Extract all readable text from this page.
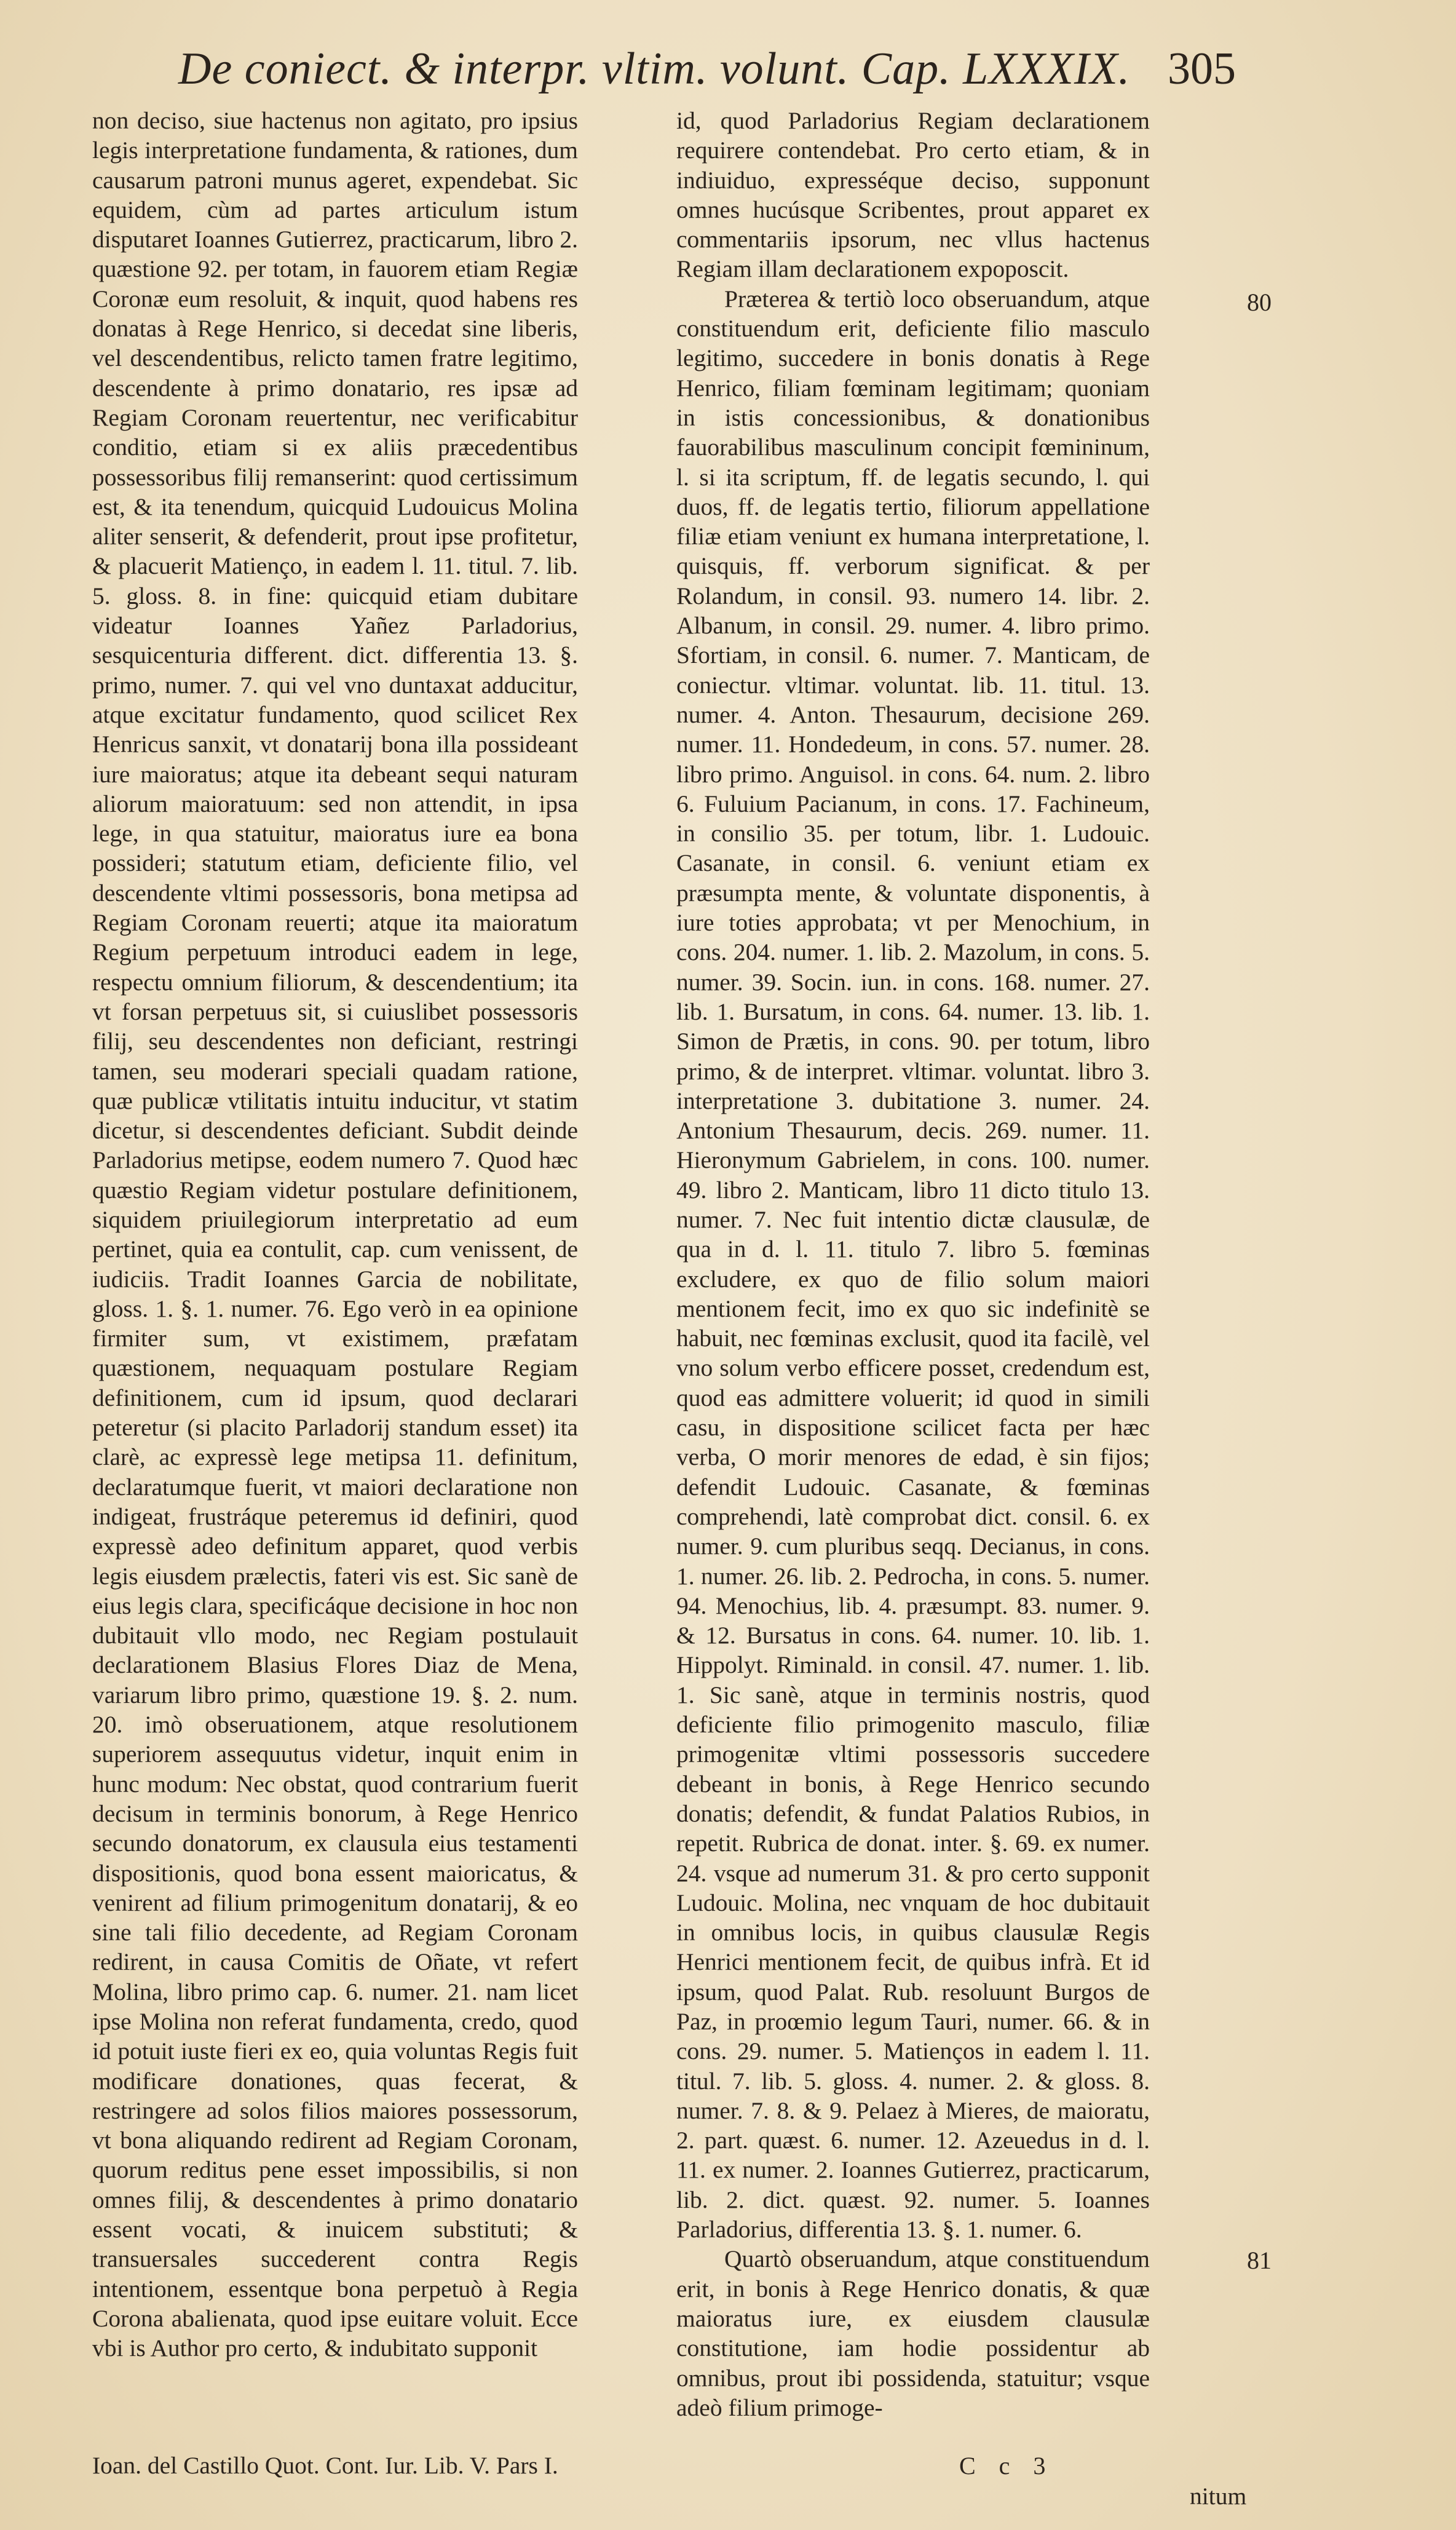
De coniect. & interpr. vltim. volunt. Cap. LXXXIX. 305

non deciso, siue hactenus non agitato, pro ipsius legis interpretatione fundamenta, & rationes, dum causarum patroni munus ageret, expendebat. Sic equidem, cùm ad partes articulum istum disputaret Ioannes Gutierrez, practicarum, libro 2. quæstione 92. per totam, in fauorem etiam Regiæ Coronæ eum resoluit, & inquit, quod habens res donatas à Rege Henrico, si decedat sine liberis, vel descendentibus, relicto tamen fratre legitimo, descendente à primo donatario, res ipsæ ad Regiam Coronam reuertentur, nec verificabitur conditio, etiam si ex aliis præcedentibus possessoribus filij remanserint: quod certissimum est, & ita tenendum, quicquid Ludouicus Molina aliter senserit, & defenderit, prout ipse profitetur, & placuerit Matienço, in eadem l. 11. titul. 7. lib. 5. gloss. 8. in fine: quicquid etiam dubitare videatur Ioannes Yañez Parladorius, sesquicenturia different. dict. differentia 13. §. primo, numer. 7. qui vel vno duntaxat adducitur, atque excitatur fundamento, quod scilicet Rex Henricus sanxit, vt donatarij bona illa possideant iure maioratus; atque ita debeant sequi naturam aliorum maioratuum: sed non attendit, in ipsa lege, in qua statuitur, maioratus iure ea bona possideri; statutum etiam, deficiente filio, vel descendente vltimi possessoris, bona metipsa ad Regiam Coronam reuerti; atque ita maioratum Regium perpetuum introduci eadem in lege, respectu omnium filiorum, & descendentium; ita vt forsan perpetuus sit, si cuiuslibet possessoris filij, seu descendentes non deficiant, restringi tamen, seu moderari speciali quadam ratione, quæ publicæ vtilitatis intuitu inducitur, vt statim dicetur, si descendentes deficiant. Subdit deinde Parladorius metipse, eodem numero 7. Quod hæc quæstio Regiam videtur postulare definitionem, siquidem priuilegiorum interpretatio ad eum pertinet, quia ea contulit, cap. cum venissent, de iudiciis. Tradit Ioannes Garcia de nobilitate, gloss. 1. §. 1. numer. 76. Ego verò in ea opinione firmiter sum, vt existimem, præfatam quæstionem, nequaquam postulare Regiam definitionem, cum id ipsum, quod declarari peteretur (si placito Parladorij standum esset) ita clarè, ac expressè lege metipsa 11. definitum, declaratumque fuerit, vt maiori declaratione non indigeat, frustráque peteremus id definiri, quod expressè adeo definitum apparet, quod verbis legis eiusdem prælectis, fateri vis est. Sic sanè de eius legis clara, specificáque decisione in hoc non dubitauit vllo modo, nec Regiam postulauit declarationem Blasius Flores Diaz de Mena, variarum libro primo, quæstione 19. §. 2. num. 20. imò obseruationem, atque resolutionem superiorem assequutus videtur, inquit enim in hunc modum: Nec obstat, quod contrarium fuerit decisum in terminis bonorum, à Rege Henrico secundo donatorum, ex clausula eius testamenti dispositionis, quod bona essent maioricatus, & venirent ad filium primogenitum donatarij, & eo sine tali filio decedente, ad Regiam Coronam redirent, in causa Comitis de Oñate, vt refert Molina, libro primo cap. 6. numer. 21. nam licet ipse Molina non referat fundamenta, credo, quod id potuit iuste fieri ex eo, quia voluntas Regis fuit modificare donationes, quas fecerat, & restringere ad solos filios maiores possessorum, vt bona aliquando redirent ad Regiam Coronam, quorum reditus pene esset impossibilis, si non omnes filij, & descendentes à primo donatario essent vocati, & inuicem substituti; & transuersales succederent contra Regis intentionem, essentque bona perpetuò à Regia Corona abalienata, quod ipse euitare voluit. Ecce vbi is Author pro certo, & indubitato supponit

id, quod Parladorius Regiam declarationem requirere contendebat. Pro certo etiam, & in indiuiduo, expresséque deciso, supponunt omnes hucúsque Scribentes, prout apparet ex commentariis ipsorum, nec vllus hactenus Regiam illam declarationem expoposcit.

Præterea & tertiò loco obseruandum, atque constituendum erit, deficiente filio masculo legitimo, succedere in bonis donatis à Rege Henrico, filiam fœminam legitimam; quoniam in istis concessionibus, & donationibus fauorabilibus masculinum concipit fœmininum, l. si ita scriptum, ff. de legatis secundo, l. qui duos, ff. de legatis tertio, filiorum appellatione filiæ etiam veniunt ex humana interpretatione, l. quisquis, ff. verborum significat. & per Rolandum, in consil. 93. numero 14. libr. 2. Albanum, in consil. 29. numer. 4. libro primo. Sfortiam, in consil. 6. numer. 7. Manticam, de coniectur. vltimar. voluntat. lib. 11. titul. 13. numer. 4. Anton. Thesaurum, decisione 269. numer. 11. Hondedeum, in cons. 57. numer. 28. libro primo. Anguisol. in cons. 64. num. 2. libro 6. Fuluium Pacianum, in cons. 17. Fachineum, in consilio 35. per totum, libr. 1. Ludouic. Casanate, in consil. 6. veniunt etiam ex præsumpta mente, & voluntate disponentis, à iure toties approbata; vt per Menochium, in cons. 204. numer. 1. lib. 2. Mazolum, in cons. 5. numer. 39. Socin. iun. in cons. 168. numer. 27. lib. 1. Bursatum, in cons. 64. numer. 13. lib. 1. Simon de Prætis, in cons. 90. per totum, libro primo, & de interpret. vltimar. voluntat. libro 3. interpretatione 3. dubitatione 3. numer. 24. Antonium Thesaurum, decis. 269. numer. 11. Hieronymum Gabrielem, in cons. 100. numer. 49. libro 2. Manticam, libro 11 dicto titulo 13. numer. 7. Nec fuit intentio dictæ clausulæ, de qua in d. l. 11. titulo 7. libro 5. fœminas excludere, ex quo de filio solum maiori mentionem fecit, imo ex quo sic indefinitè se habuit, nec fœminas exclusit, quod ita facilè, vel vno solum verbo efficere posset, credendum est, quod eas admittere voluerit; id quod in simili casu, in dispositione scilicet facta per hæc verba, O morir menores de edad, è sin fijos; defendit Ludouic. Casanate, & fœminas comprehendi, latè comprobat dict. consil. 6. ex numer. 9. cum pluribus seqq. Decianus, in cons. 1. numer. 26. lib. 2. Pedrocha, in cons. 5. numer. 94. Menochius, lib. 4. præsumpt. 83. numer. 9. & 12. Bursatus in cons. 64. numer. 10. lib. 1. Hippolyt. Riminald. in consil. 47. numer. 1. lib. 1. Sic sanè, atque in terminis nostris, quod deficiente filio primogenito masculo, filiæ primogenitæ vltimi possessoris succedere debeant in bonis, à Rege Henrico secundo donatis; defendit, & fundat Palatios Rubios, in repetit. Rubrica de donat. inter. §. 69. ex numer. 24. vsque ad numerum 31. & pro certo supponit Ludouic. Molina, nec vnquam de hoc dubitauit in omnibus locis, in quibus clausulæ Regis Henrici mentionem fecit, de quibus infrà. Et id ipsum, quod Palat. Rub. resoluunt Burgos de Paz, in proœmio legum Tauri, numer. 66. & in cons. 29. numer. 5. Matienços in eadem l. 11. titul. 7. lib. 5. gloss. 4. numer. 2. & gloss. 8. numer. 7. 8. & 9. Pelaez à Mieres, de maioratu, 2. part. quæst. 6. numer. 12. Azeuedus in d. l. 11. ex numer. 2. Ioannes Gutierrez, practicarum, lib. 2. dict. quæst. 92. numer. 5. Ioannes Parladorius, differentia 13. §. 1. numer. 6.

Quartò obseruandum, atque constituendum erit, in bonis à Rege Henrico donatis, & quæ maioratus iure, ex eiusdem clausulæ constitutione, iam hodie possidentur ab omnibus, prout ibi possidenda, statuitur; vsque adeò filium primoge-

80
81
Ioan. del Castillo Quot. Cont. Iur. Lib. V. Pars I.	C c 3
nitum
